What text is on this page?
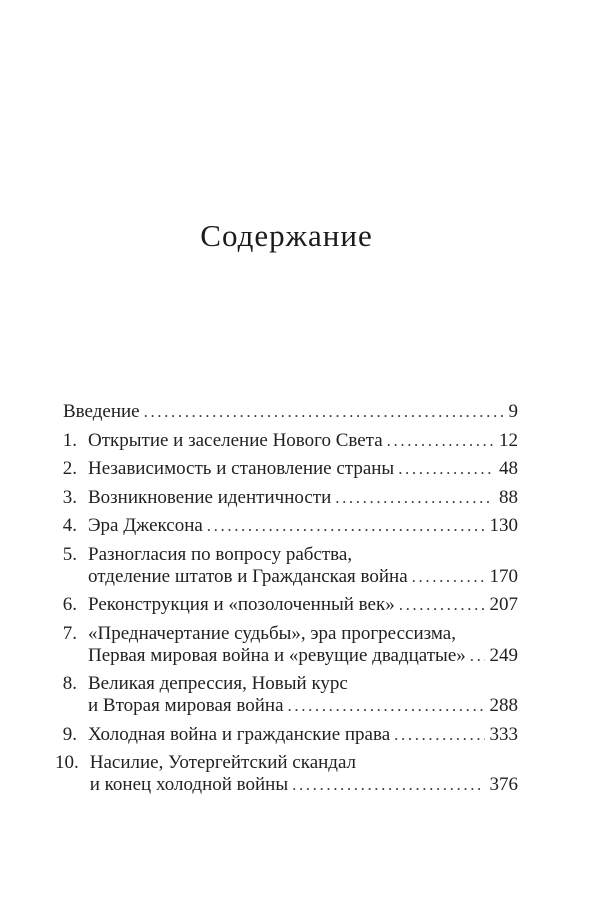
Содержание
Введение .....	9
1. Открытие и заселение Нового Света .....	12
2. Независимость и становление страны .....	48
3. Возникновение идентичности .....	88
4. Эра Джексона .....	130
5. Разногласия по вопросу рабства,
отделение штатов и Гражданская война .....	170
6. Реконструкция и «позолоченный век» .....	207
7. «Предначертание судьбы», эра прогрессизма,
Первая мировая война и «ревущие двадцатые» ..... 249
8. Великая депрессия, Новый курс
и Вторая мировая война .....	288
9. Холодная война и гражданские права .....	333
10. Насилие, Уотергейтский скандал
и конец холодной войны .....	376
